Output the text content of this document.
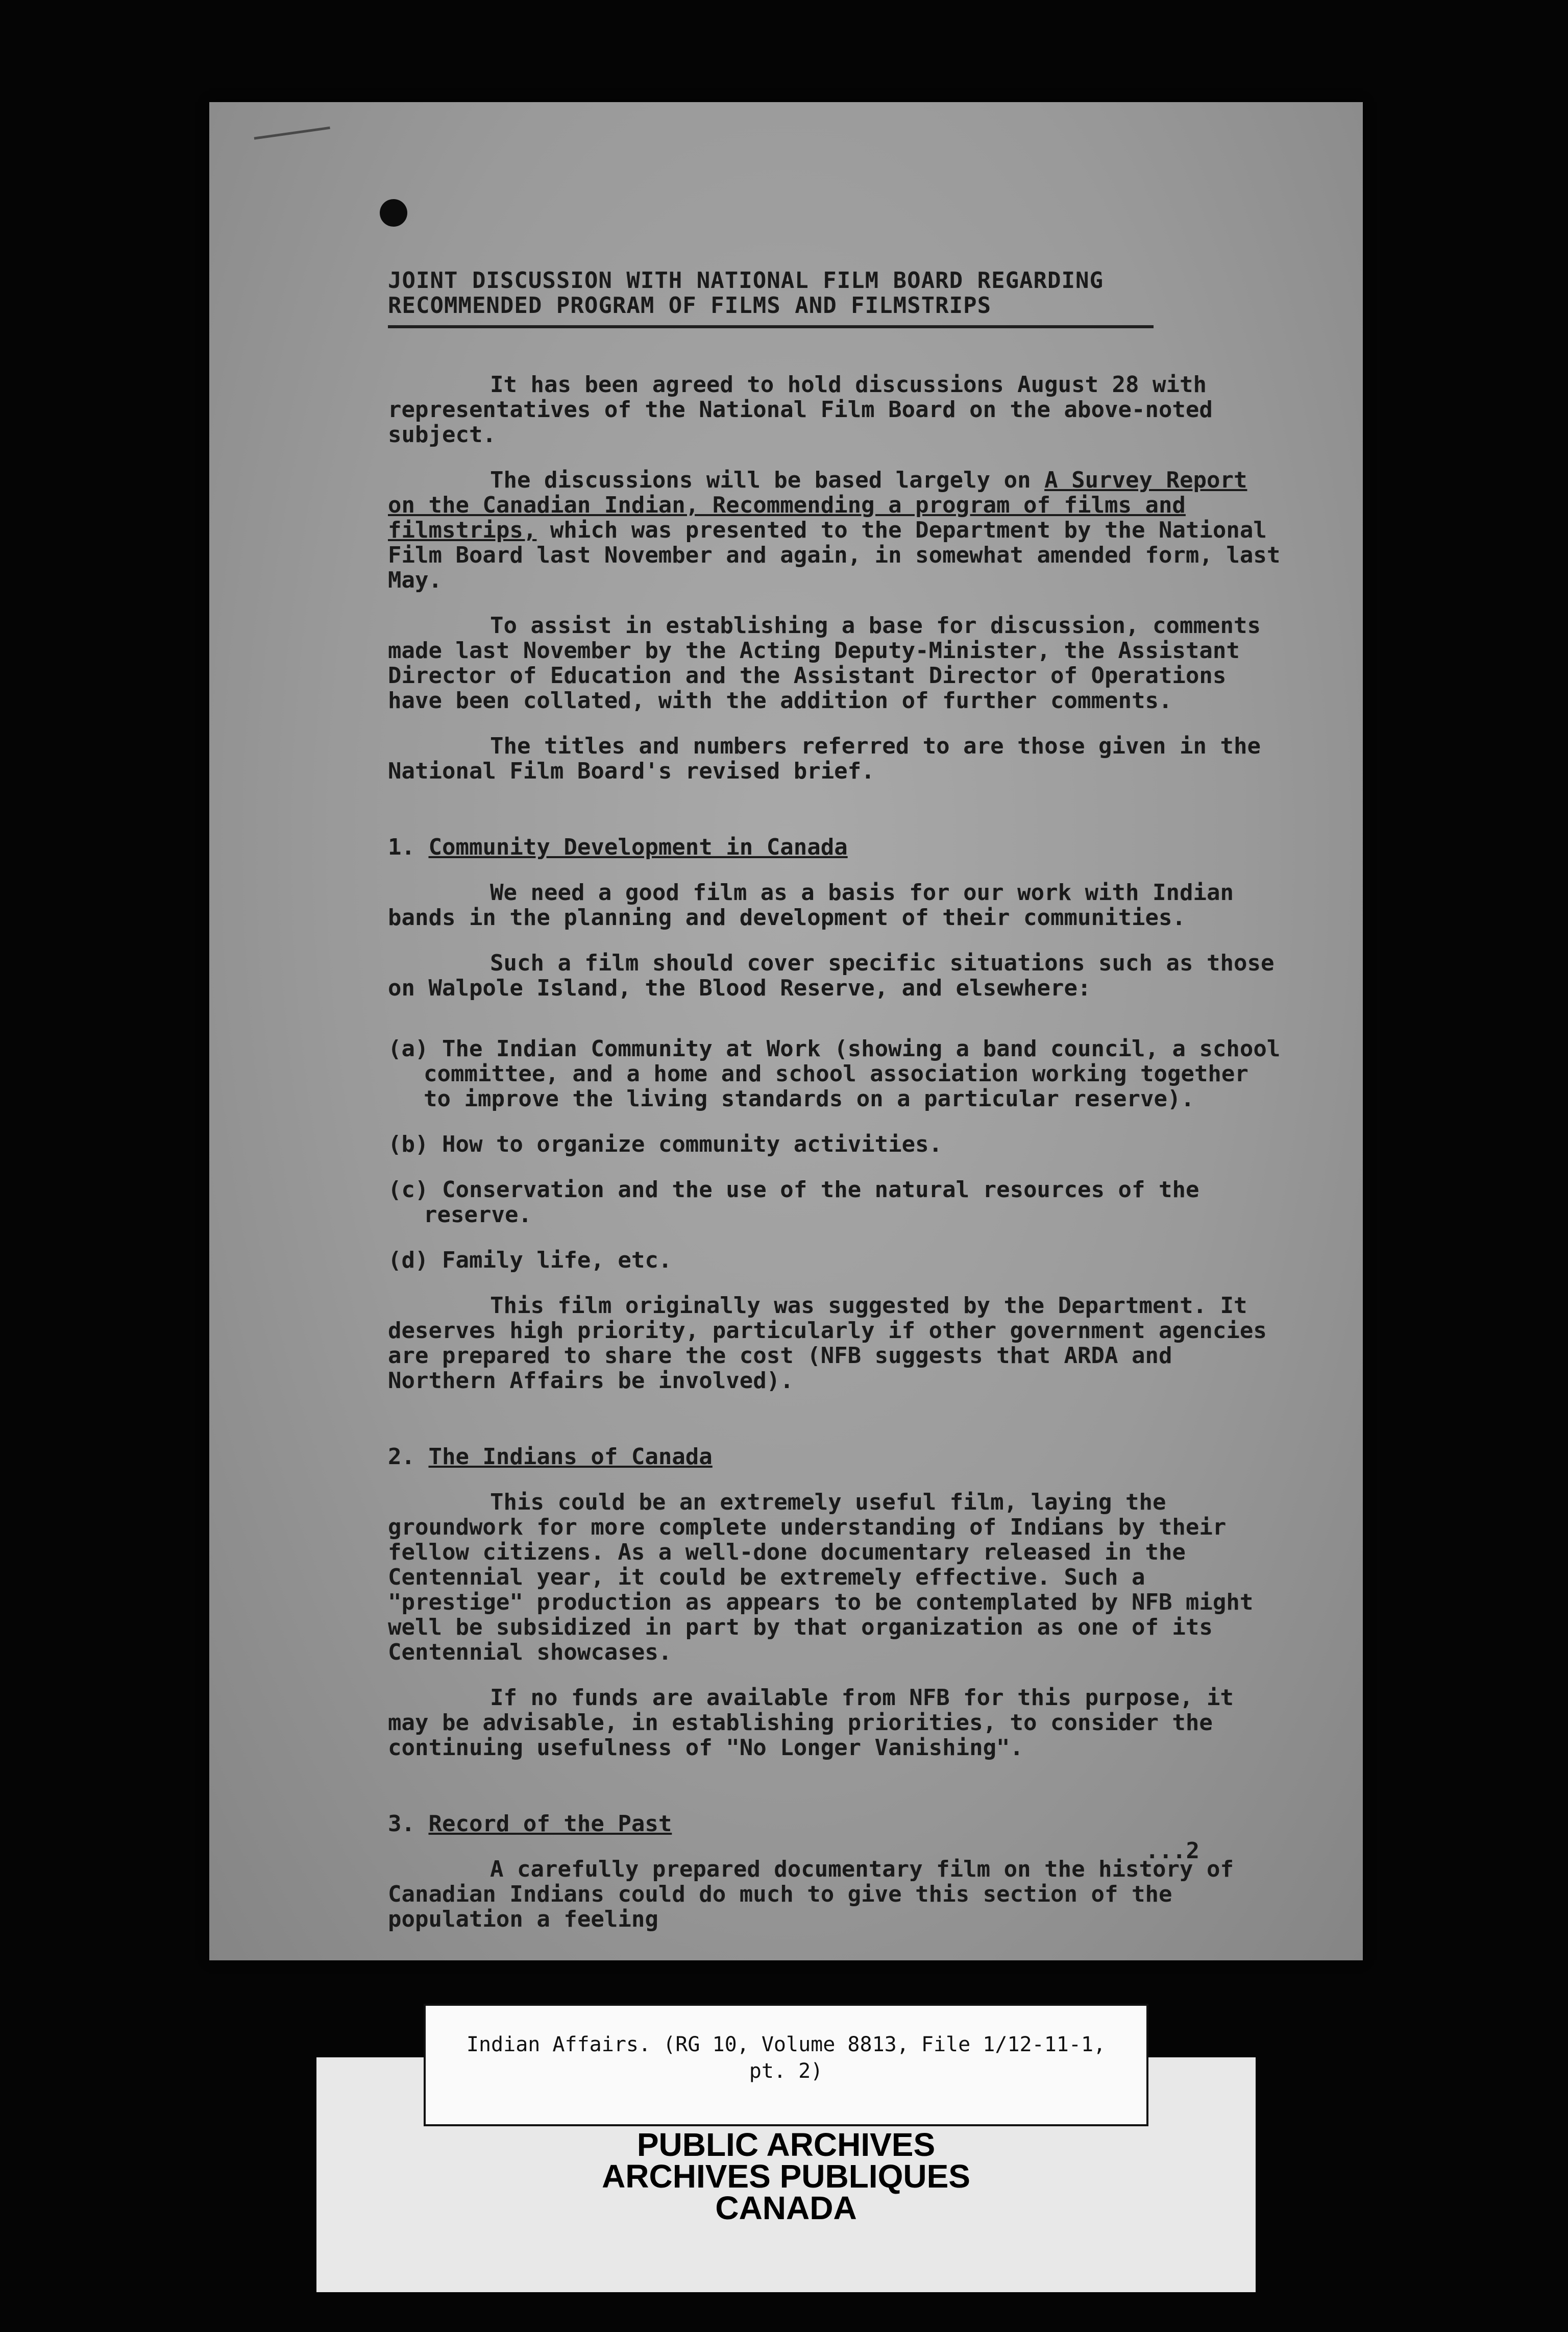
JOINT DISCUSSION WITH NATIONAL FILM BOARD REGARDING RECOMMENDED PROGRAM OF FILMS AND FILMSTRIPS

It has been agreed to hold discussions August 28 with representatives of the National Film Board on the above-noted subject.

The discussions will be based largely on A Survey Report on the Canadian Indian, Recommending a program of films and filmstrips, which was presented to the Department by the National Film Board last November and again, in somewhat amended form, last May.

To assist in establishing a base for discussion, comments made last November by the Acting Deputy-Minister, the Assistant Director of Education and the Assistant Director of Operations have been collated, with the addition of further comments.

The titles and numbers referred to are those given in the National Film Board's revised brief.

1. Community Development in Canada

We need a good film as a basis for our work with Indian bands in the planning and development of their communities.

Such a film should cover specific situations such as those on Walpole Island, the Blood Reserve, and elsewhere:

(a) The Indian Community at Work (showing a band council, a school committee, and a home and school association working together to improve the living standards on a particular reserve).

(b) How to organize community activities.

(c) Conservation and the use of the natural resources of the reserve.

(d) Family life, etc.

This film originally was suggested by the Department. It deserves high priority, particularly if other government agencies are prepared to share the cost (NFB suggests that ARDA and Northern Affairs be involved).

2. The Indians of Canada

This could be an extremely useful film, laying the groundwork for more complete understanding of Indians by their fellow citizens. As a well-done documentary released in the Centennial year, it could be extremely effective. Such a "prestige" production as appears to be contemplated by NFB might well be subsidized in part by that organization as one of its Centennial showcases.

If no funds are available from NFB for this purpose, it may be advisable, in establishing priorities, to consider the continuing usefulness of "No Longer Vanishing".

3. Record of the Past

A carefully prepared documentary film on the history of Canadian Indians could do much to give this section of the population a feeling

...2
Indian Affairs. (RG 10, Volume 8813, File 1/12-11-1,
pt. 2)
PUBLIC ARCHIVES
ARCHIVES PUBLIQUES
CANADA
